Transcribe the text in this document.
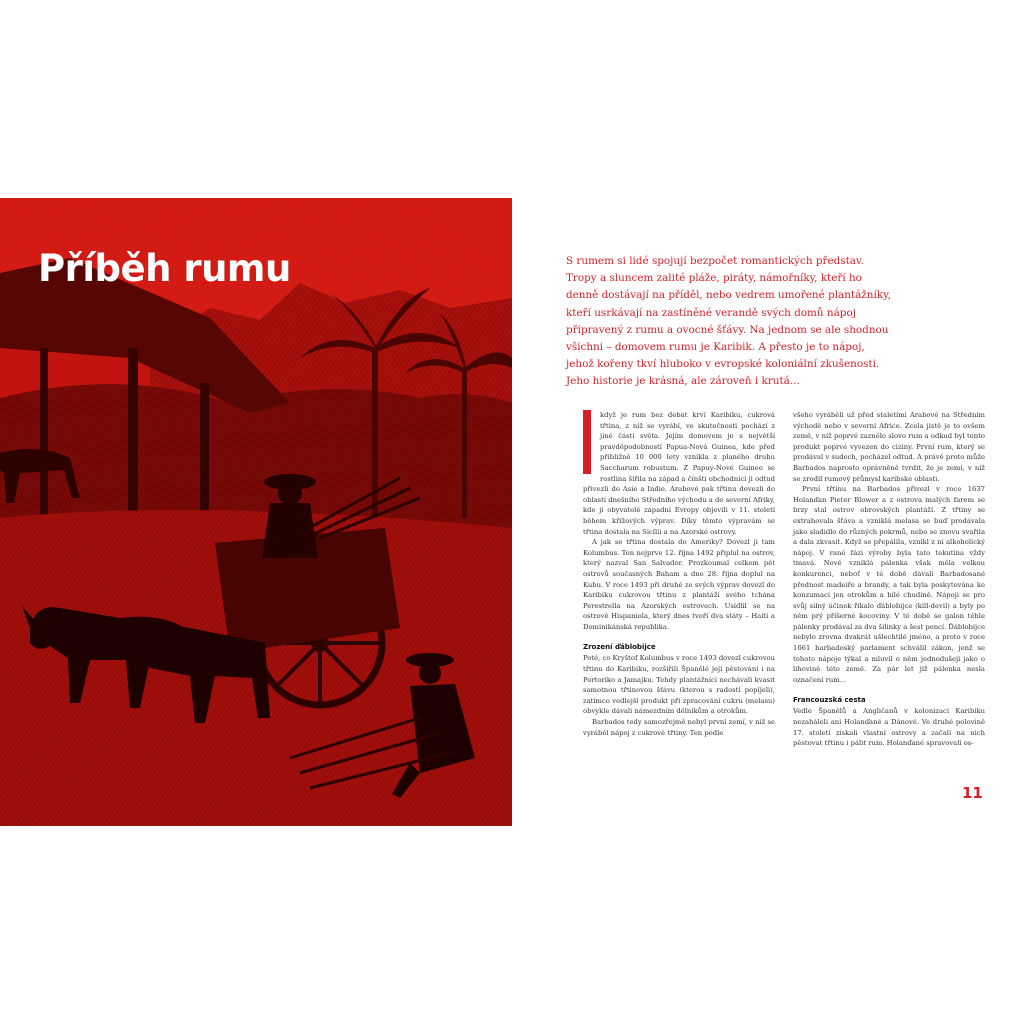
Příběh rumu	S rumem si lidé spojují bezpočet romantických představ.

Tropy a sluncem zalité pláže, piráty, námořníky, kteří ho

denně dostávají na příděl, nebo vedrem umořené plantážníky,

kteří usrkávají na zastíněné verandě svých domů nápoj

připravený z rumu a ovocné šťávy. Na jednom se ale shodnou

všichni – domovem rumu je Karibik. A přesto je to nápoj,

jehož kořeny tkví hluboko v evropské koloniální zkušenosti.

Jeho historie je krásná, ale zároveň i krutá...

když je rum bez debat krví Karibiku, cukrová třtina, z níž se vyrábí, ve skutečnosti pochází z jiné části světa. Jejím domovem je s největší pravděpodobností Papua-Nová Guinea, kde před přibližně 10 000 lety vznikla z planého druhu Saccharum robustum. Z Papuy-Nové Guinee se rostlina šířila na západ a čínští obchodníci ji odtud přivezli do Asie a Indie. Arabové pak třtinu dovezli do oblasti dnešního Středního východu a do severní Afriky, kde ji obyvatelé západní Evropy objevili v 11. století během křížových výprav. Díky těmto výpravám se třtina dostala na Sicílii a na Azorské ostrovy.

A jak se třtina dostala do Ameriky? Dovezl ji tam Kolumbus. Ten nejprve 12. října 1492 připlul na ostrov, který nazval San Salvador. Prozkoumal celkem pět ostrovů současných Baham a dne 28. října doplul na Kubu. V roce 1493 při druhé ze svých výprav dovezl do Karibiku cukrovou třtinu z plantáží svého tchána Perestrella na Azorských ostrovech. Usídlil se na ostrově Hispaniola, který dnes tvoří dva státy – Haiti a Dominikánská republika.

Zrození ďáblobijce

Poté, co Kryštof Kolumbus v roce 1493 dovezl cukrovou třtinu do Karibiku, rozšířili Španělé její pěstování i na Portoriko a Jamajku. Tehdy plantážníci nechávali kvasit samotnou třtinovou šťávu (kterou s radostí popíjeli), zatímco vedlejší produkt při zpracování cukru (melasu) obvykle dávali námezdním dělníkům a otrokům.

Barbados tedy samozřejmě nebyl první zemí, v níž se vyráběl nápoj z cukrové třtiny. Ten podle

všeho vyráběli už před staletími Arabové na Středním východě nebo v severní Africe. Zcela jistě je to ovšem země, v níž poprvé zaznělo slovo rum a odkud byl tento produkt poprvé vyvezen do ciziny. První rum, který se prodával v sudech, pocházel odtud. A právě proto může Barbados naprosto oprávněně tvrdit, že je zemí, v níž se zrodil rumový průmysl karibské oblasti.

První třtinu na Barbados přivezl v roce 1637 Holanďan Pieter Blower a z ostrova malých farem se brzy stal ostrov obrovských plantáží. Z třtiny se extrahovala šťáva a vzniklá melasa se buď prodávala jako sladidlo do různých pokrmů, nebo se znovu svařila a dala zkvasit. Když se přepálila, vznikl z ní alkoholický nápoj. V rané fázi výroby byla tato tekutina vždy tmavá. Nově vzniklá pálenka však měla velkou konkurenci, neboť v té době dávali Barbadosané přednost madeiře a brandy, a tak byla poskytována ke konzumaci jen otrokům a bílé chudině. Nápoji se pro svůj silný účinek říkalo ďáblobijce (kill-devil) a byly po něm prý příšerné kocoviny. V té době se galon téhle pálenky prodával za dva šilinky a šest pencí. Ďáblobijce nebylo zrovna dvakrát ušlechtilé jméno, a proto v roce 1661 barbadoský parlament schválil zákon, jenž se tohoto nápoje týkal a mluvil o něm jednodušeji jako o lihovině této země. Za pár let již pálenka nesla označení rum...

Francouzská cesta

Vedle Španělů a Angličanů v kolonizaci Karibiku nezaháleli ani Holanďané a Dánové. Ve druhé polovině 17. století získali vlastní ostrovy a začali na nich pěstovat třtinu i pálit rum. Holanďané spravovali os-

11
